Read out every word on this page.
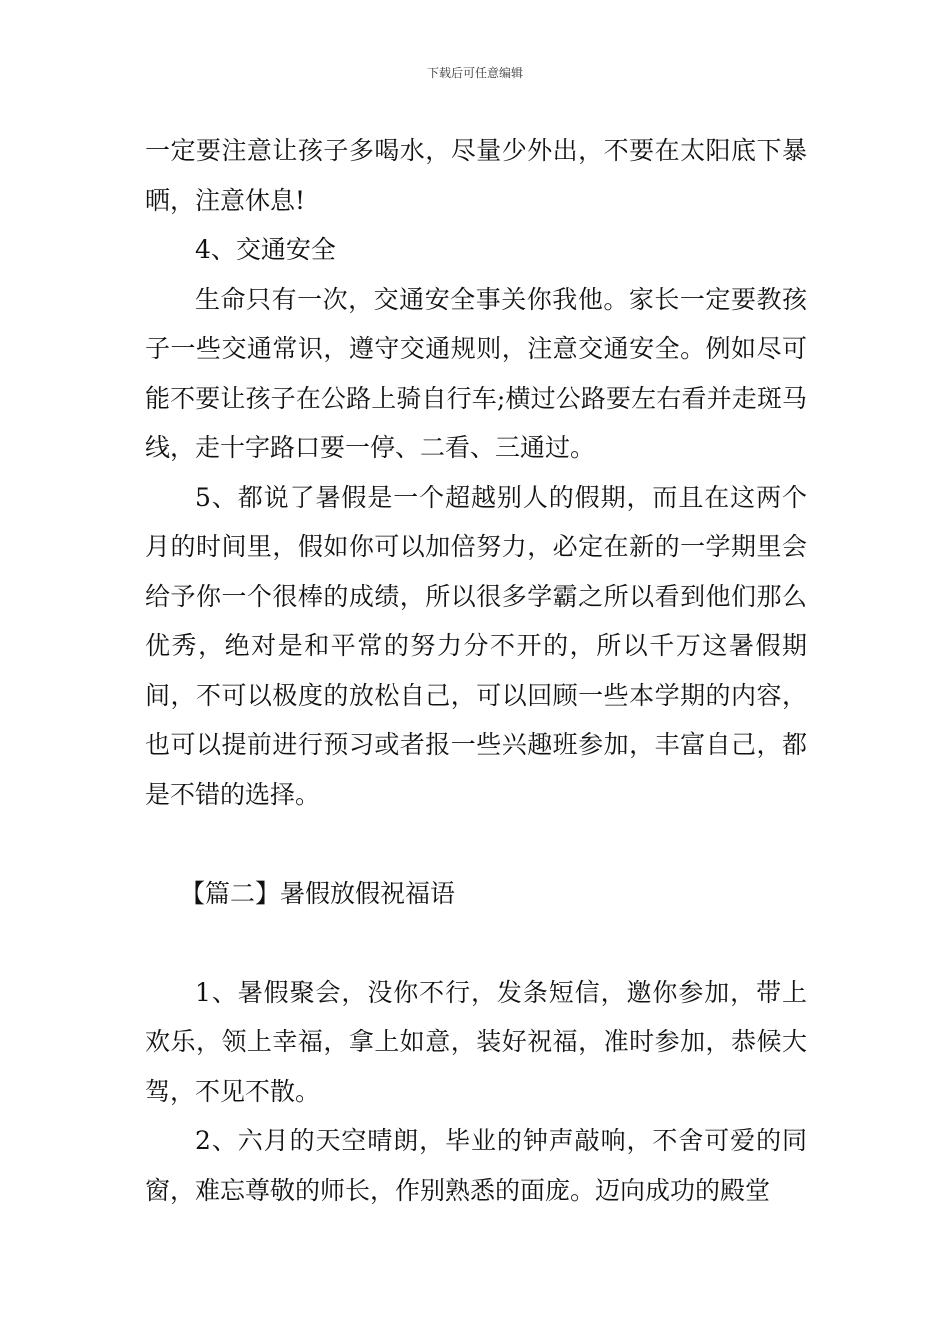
下载后可任意编辑

一定要注意让孩子多喝水，尽量少外出，不要在太阳底下暴晒，注意休息!

4、交通安全

生命只有一次，交通安全事关你我他。家长一定要教孩子一些交通常识，遵守交通规则，注意交通安全。例如尽可能不要让孩子在公路上骑自行车;横过公路要左右看并走斑马线，走十字路口要一停、二看、三通过。

5、都说了暑假是一个超越别人的假期，而且在这两个月的时间里，假如你可以加倍努力，必定在新的一学期里会给予你一个很棒的成绩，所以很多学霸之所以看到他们那么优秀，绝对是和平常的努力分不开的，所以千万这暑假期间，不可以极度的放松自己，可以回顾一些本学期的内容，也可以提前进行预习或者报一些兴趣班参加，丰富自己，都是不错的选择。

【篇二】暑假放假祝福语

1、暑假聚会，没你不行，发条短信，邀你参加，带上欢乐，领上幸福，拿上如意，装好祝福，准时参加，恭候大驾，不见不散。

2、六月的天空晴朗，毕业的钟声敲响，不舍可爱的同窗，难忘尊敬的师长，作别熟悉的面庞。迈向成功的殿堂
